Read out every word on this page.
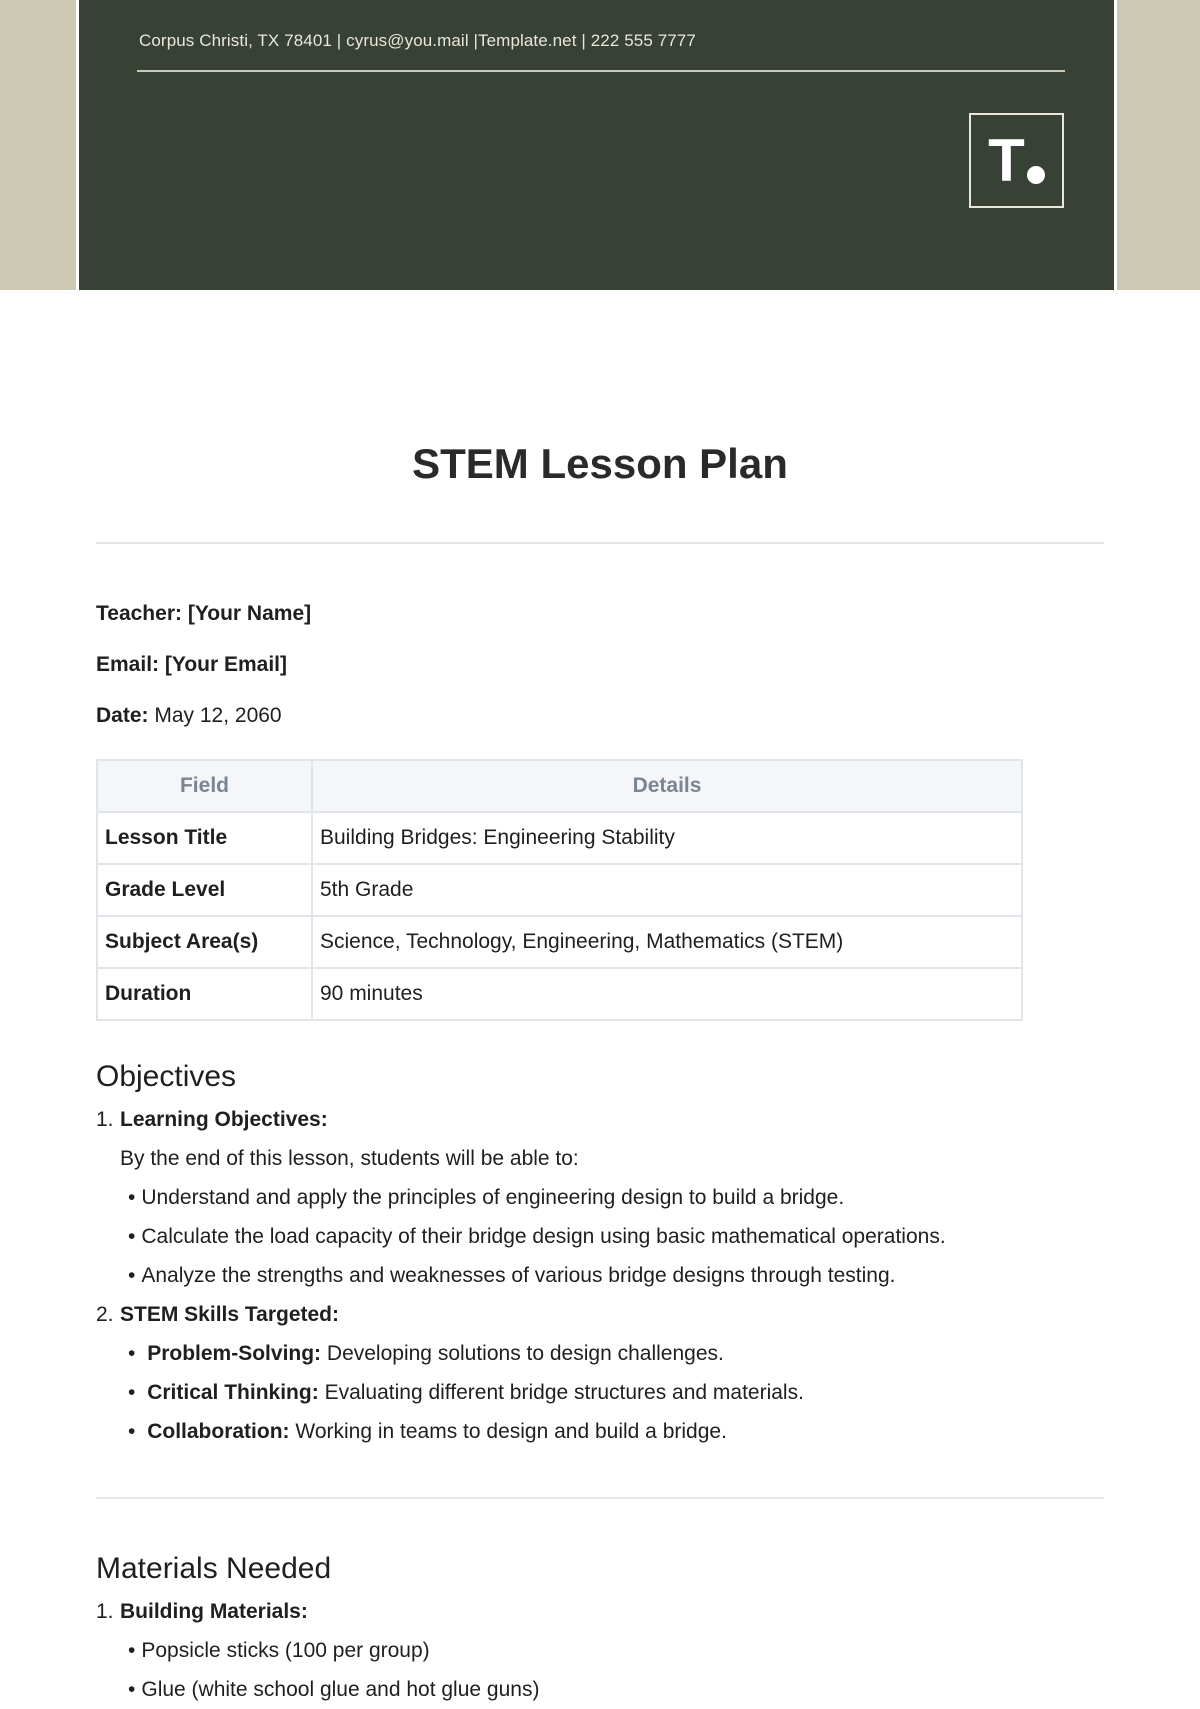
Corpus Christi, TX 78401 | cyrus@you.mail |Template.net | 222 555 7777
T
STEM Lesson Plan

Teacher: [Your Name]

Email: [Your Email]

Date: May 12, 2060

Field	Details
Lesson Title	Building Bridges: Engineering Stability
Grade Level	5th Grade
Subject Area(s)	Science, Technology, Engineering, Mathematics (STEM)
Duration	90 minutes
Objectives
1. Learning Objectives:
By the end of this lesson, students will be able to:
• Understand and apply the principles of engineering design to build a bridge.
• Calculate the load capacity of their bridge design using basic mathematical operations.
• Analyze the strengths and weaknesses of various bridge designs through testing.
2. STEM Skills Targeted:
• Problem-Solving: Developing solutions to design challenges.
• Critical Thinking: Evaluating different bridge structures and materials.
• Collaboration: Working in teams to design and build a bridge.
Materials Needed
1. Building Materials:
• Popsicle sticks (100 per group)
• Glue (white school glue and hot glue guns)
